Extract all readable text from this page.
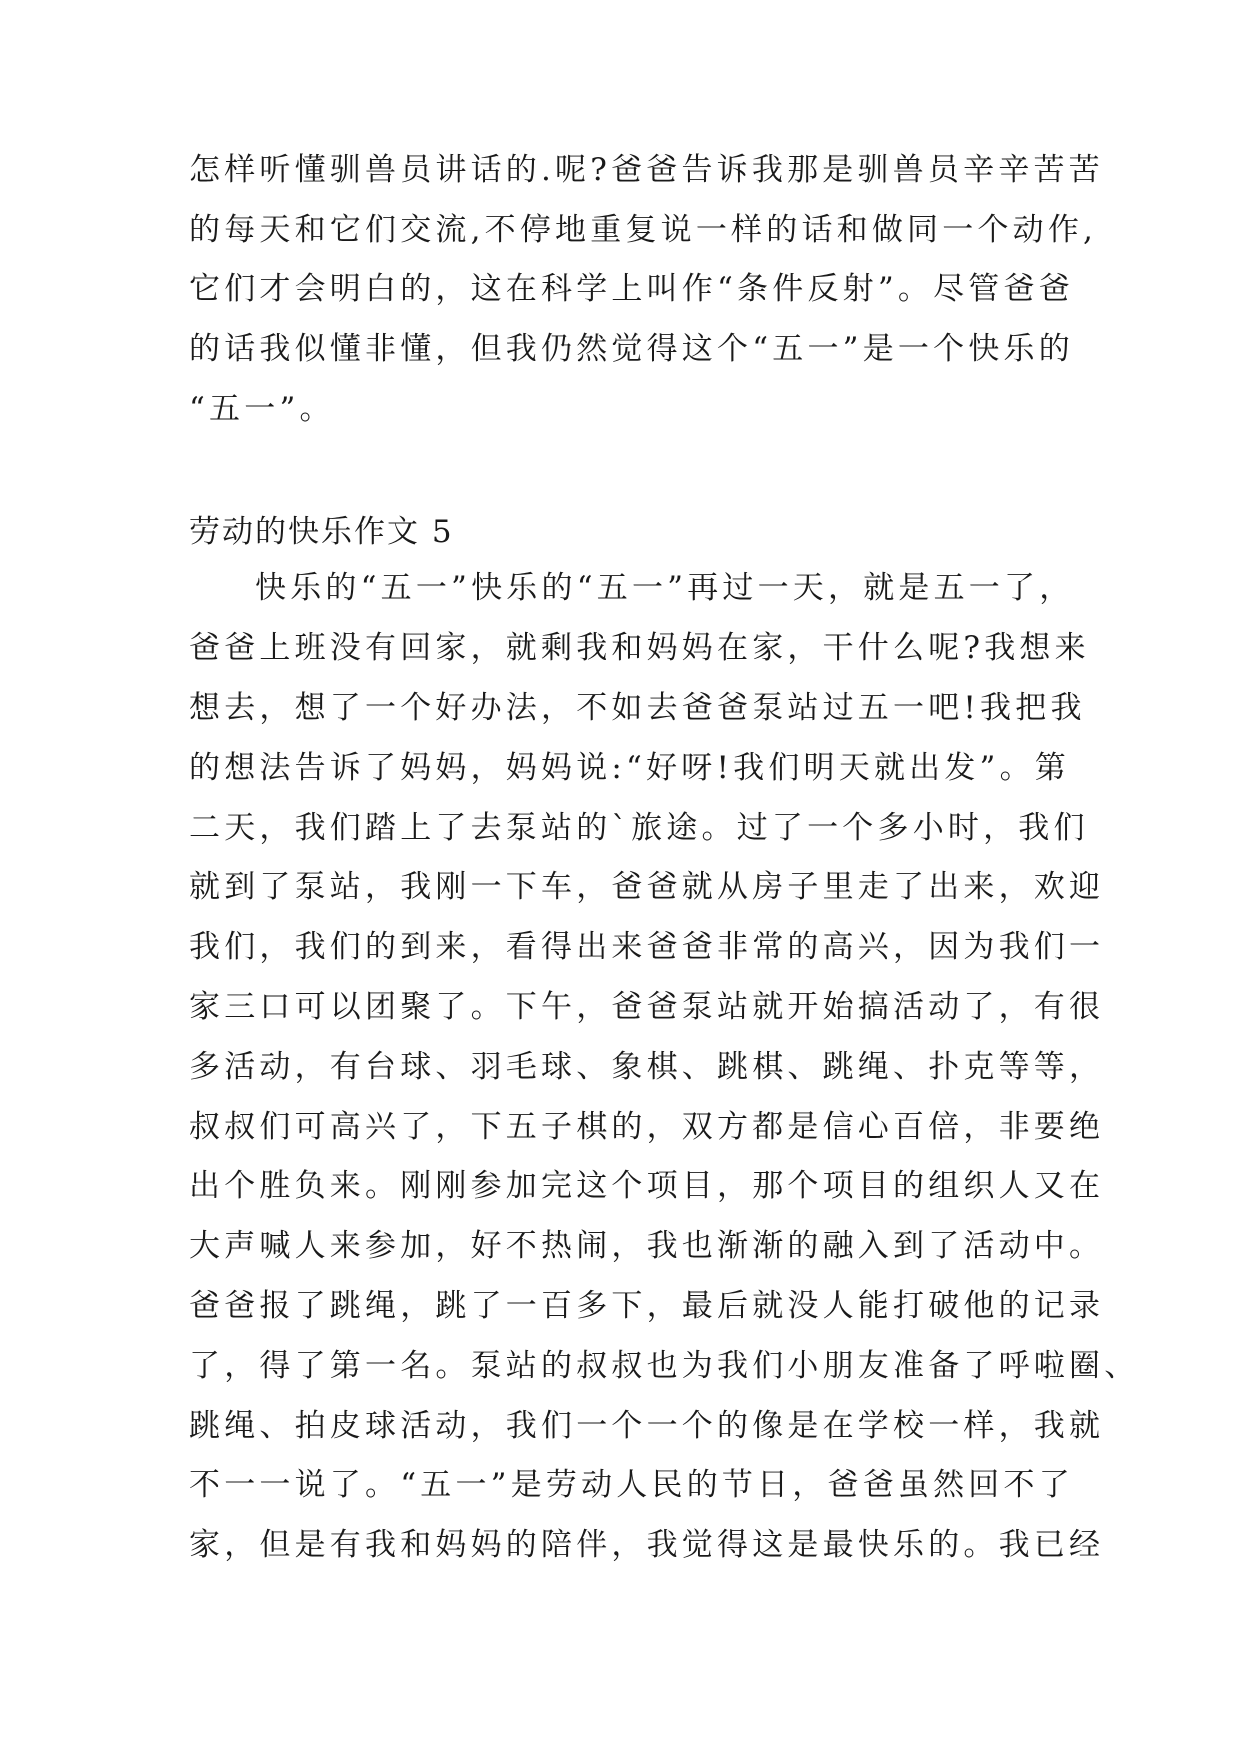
怎样听懂驯兽员讲话的.呢?爸爸告诉我那是驯兽员辛辛苦苦
的每天和它们交流,不停地重复说一样的话和做同一个动作,
它们才会明白的，这在科学上叫作“条件反射”。尽管爸爸
的话我似懂非懂，但我仍然觉得这个“五一”是一个快乐的
“五一”。
劳动的快乐作文 5
快乐的“五一”快乐的“五一”再过一天，就是五一了，
爸爸上班没有回家，就剩我和妈妈在家，干什么呢?我想来
想去，想了一个好办法，不如去爸爸泵站过五一吧!我把我
的想法告诉了妈妈，妈妈说:“好呀!我们明天就出发”。第
二天，我们踏上了去泵站的`旅途。过了一个多小时，我们
就到了泵站，我刚一下车，爸爸就从房子里走了出来，欢迎
我们，我们的到来，看得出来爸爸非常的高兴，因为我们一
家三口可以团聚了。下午，爸爸泵站就开始搞活动了，有很
多活动，有台球、羽毛球、象棋、跳棋、跳绳、扑克等等，
叔叔们可高兴了，下五子棋的，双方都是信心百倍，非要绝
出个胜负来。刚刚参加完这个项目，那个项目的组织人又在
大声喊人来参加，好不热闹，我也渐渐的融入到了活动中。
爸爸报了跳绳，跳了一百多下，最后就没人能打破他的记录
了，得了第一名。泵站的叔叔也为我们小朋友准备了呼啦圈、
跳绳、拍皮球活动，我们一个一个的像是在学校一样，我就
不一一说了。“五一”是劳动人民的节日，爸爸虽然回不了
家，但是有我和妈妈的陪伴，我觉得这是最快乐的。我已经
